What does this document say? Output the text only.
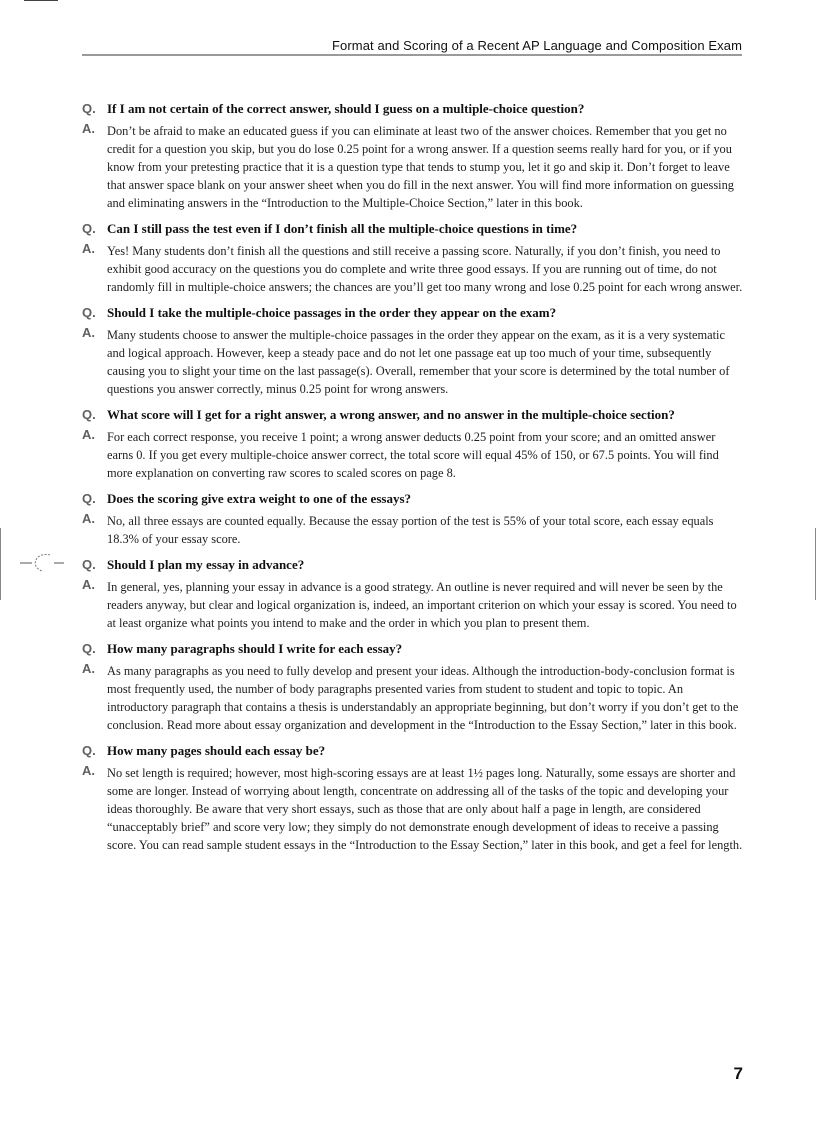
Format and Scoring of a Recent AP Language and Composition Exam
Q. If I am not certain of the correct answer, should I guess on a multiple-choice question?
A. Don’t be afraid to make an educated guess if you can eliminate at least two of the answer choices. Remember that you get no credit for a question you skip, but you do lose 0.25 point for a wrong answer. If a question seems really hard for you, or if you know from your pretesting practice that it is a question type that tends to stump you, let it go and skip it. Don’t forget to leave that answer space blank on your answer sheet when you do fill in the next answer. You will find more information on guessing and eliminating answers in the “Introduction to the Multiple-Choice Section,” later in this book.
Q. Can I still pass the test even if I don’t finish all the multiple-choice questions in time?
A. Yes! Many students don’t finish all the questions and still receive a passing score. Naturally, if you don’t finish, you need to exhibit good accuracy on the questions you do complete and write three good essays. If you are running out of time, do not randomly fill in multiple-choice answers; the chances are you’ll get too many wrong and lose 0.25 point for each wrong answer.
Q. Should I take the multiple-choice passages in the order they appear on the exam?
A. Many students choose to answer the multiple-choice passages in the order they appear on the exam, as it is a very systematic and logical approach. However, keep a steady pace and do not let one passage eat up too much of your time, subsequently causing you to slight your time on the last passage(s). Overall, remember that your score is determined by the total number of questions you answer correctly, minus 0.25 point for wrong answers.
Q. What score will I get for a right answer, a wrong answer, and no answer in the multiple-choice section?
A. For each correct response, you receive 1 point; a wrong answer deducts 0.25 point from your score; and an omitted answer earns 0. If you get every multiple-choice answer correct, the total score will equal 45% of 150, or 67.5 points. You will find more explanation on converting raw scores to scaled scores on page 8.
Q. Does the scoring give extra weight to one of the essays?
A. No, all three essays are counted equally. Because the essay portion of the test is 55% of your total score, each essay equals 18.3% of your essay score.
Q. Should I plan my essay in advance?
A. In general, yes, planning your essay in advance is a good strategy. An outline is never required and will never be seen by the readers anyway, but clear and logical organization is, indeed, an important criterion on which your essay is scored. You need to at least organize what points you intend to make and the order in which you plan to present them.
Q. How many paragraphs should I write for each essay?
A. As many paragraphs as you need to fully develop and present your ideas. Although the introduction-body-conclusion format is most frequently used, the number of body paragraphs presented varies from student to student and topic to topic. An introductory paragraph that contains a thesis is understandably an appropriate beginning, but don’t worry if you don’t get to the conclusion. Read more about essay organization and development in the “Introduction to the Essay Section,” later in this book.
Q. How many pages should each essay be?
A. No set length is required; however, most high-scoring essays are at least 1½ pages long. Naturally, some essays are shorter and some are longer. Instead of worrying about length, concentrate on addressing all of the tasks of the topic and developing your ideas thoroughly. Be aware that very short essays, such as those that are only about half a page in length, are considered “unacceptably brief” and score very low; they simply do not demonstrate enough development of ideas to receive a passing score. You can read sample student essays in the “Introduction to the Essay Section,” later in this book, and get a feel for length.
7
